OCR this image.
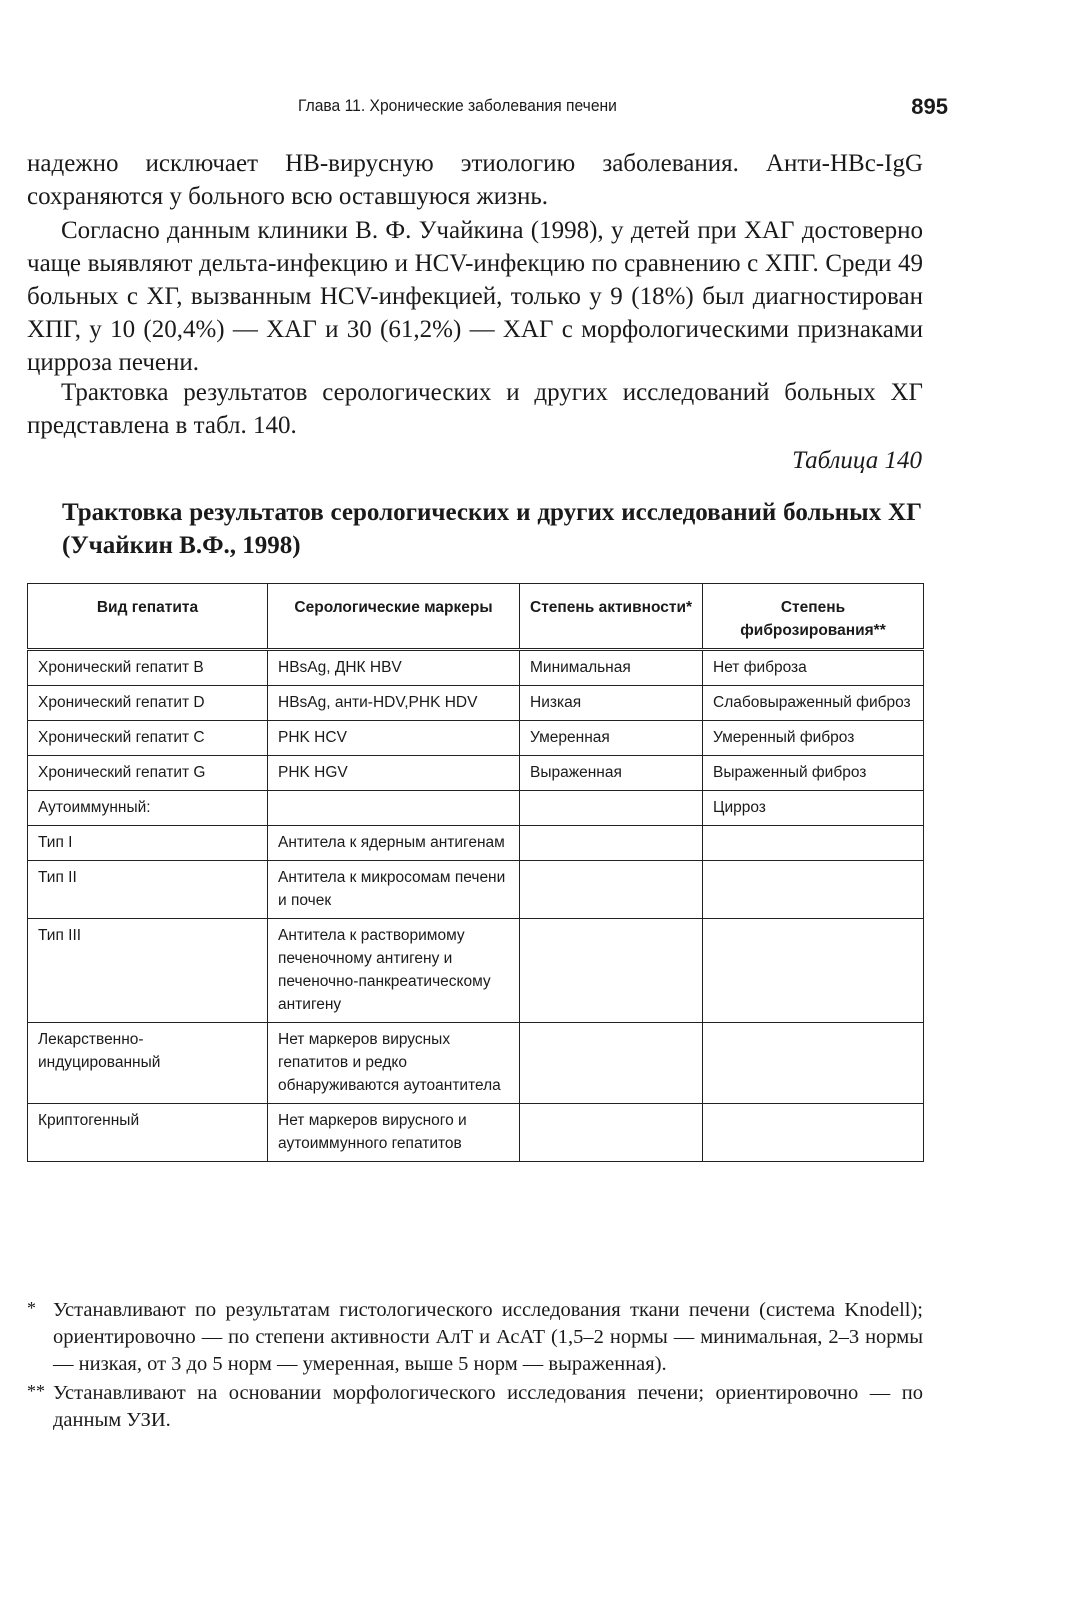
Глава 11. Хронические заболевания печени	895

надежно исключает HB-вирусную этиологию заболевания. Анти-HBc-IgG сохраняются у больного всю оставшуюся жизнь.

Согласно данным клиники В. Ф. Учайкина (1998), у детей при ХАГ достоверно чаще выявляют дельта-инфекцию и HCV-инфекцию по сравнению с ХПГ. Среди 49 больных с ХГ, вызванным HCV-инфекцией, только у 9 (18%) был диагностирован ХПГ, у 10 (20,4%) — ХАГ и 30 (61,2%) — ХАГ с морфологическими признаками цирроза печени.

Трактовка результатов серологических и других исследований больных ХГ представлена в табл. 140.

Таблица 140
Трактовка результатов серологических и других исследований больных ХГ (Учайкин В.Ф., 1998)
Вид гепатита	Серологические маркеры	Степень активности*	Степень фиброзирования**
Хронический гепатит B	HBsAg, ДНК HBV	Минимальная	Нет фиброза
Хронический гепатит D	HBsAg, анти-HDV,PHK HDV	Низкая	Слабовыраженный фиброз
Хронический гепатит C	PHK HCV	Умеренная	Умеренный фиброз
Хронический гепатит G	PHK HGV	Выраженная	Выраженный фиброз
Аутоиммунный:			Цирроз
Тип I	Антитела к ядерным антигенам		
Тип II	Антитела к микросомам печени и почек		
Тип III	Антитела к растворимому печеночному антигену и печеночно-панкреатическому антигену		
Лекарственно-индуцированный	Нет маркеров вирусных гепатитов и редко обнаруживаются аутоантитела		
Криптогенный	Нет маркеров вирусного и аутоиммунного гепатитов		
* Устанавливают по результатам гистологического исследования ткани печени (система Knodell); ориентировочно — по степени активности АлТ и АсАТ (1,5–2 нормы — минимальная, 2–3 нормы — низкая, от 3 до 5 норм — умеренная, выше 5 норм — выраженная).
** Устанавливают на основании морфологического исследования печени; ориентировочно — по данным УЗИ.
